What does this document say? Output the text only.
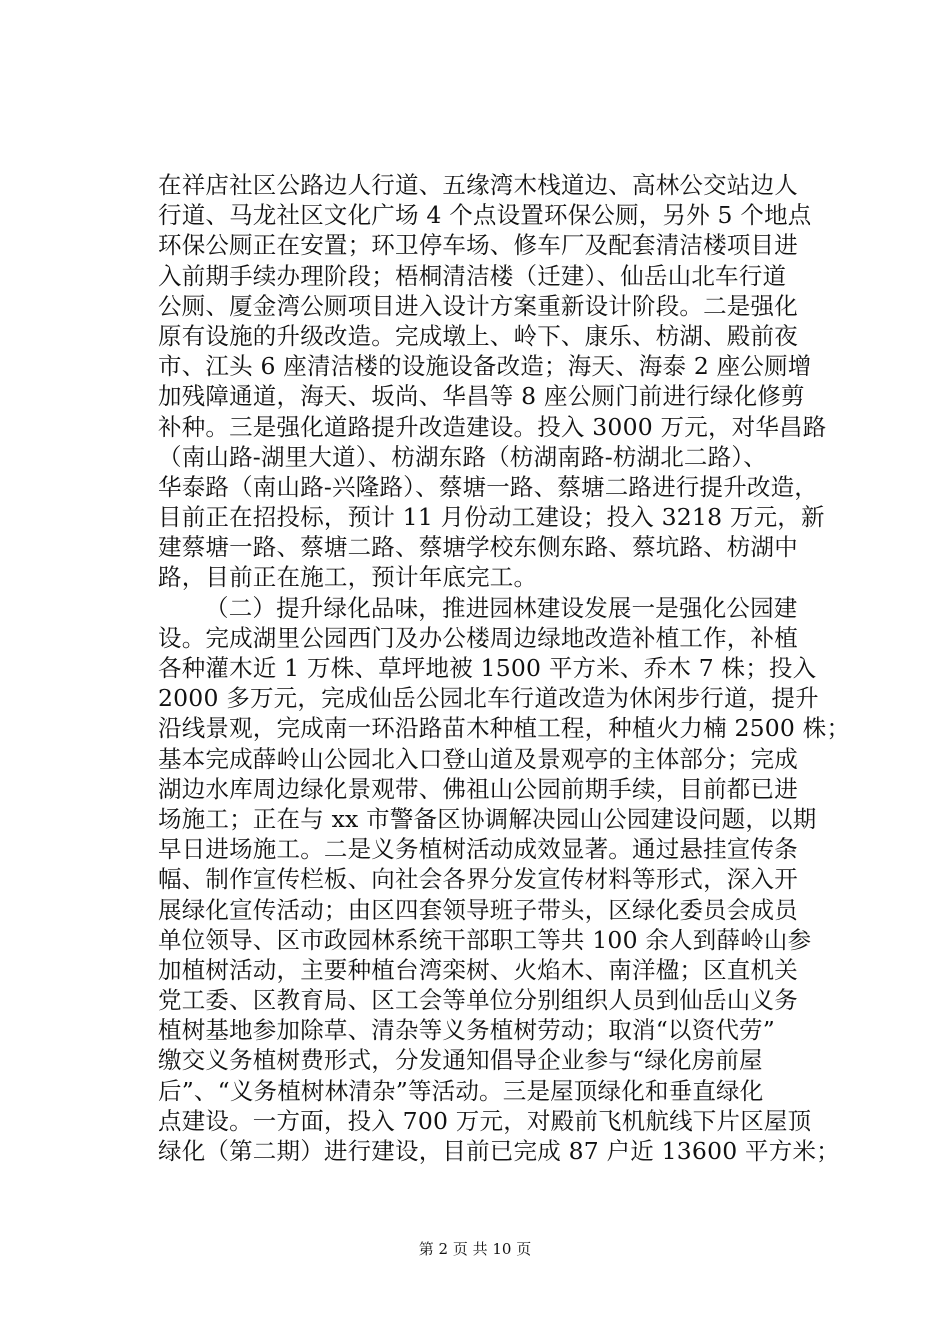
在祥店社区公路边人行道、五缘湾木栈道边、高林公交站边人
行道、马龙社区文化广场 4 个点设置环保公厕，另外 5 个地点
环保公厕正在安置；环卫停车场、修车厂及配套清洁楼项目进
入前期手续办理阶段；梧桐清洁楼（迁建）、仙岳山北车行道
公厕、厦金湾公厕项目进入设计方案重新设计阶段。二是强化
原有设施的升级改造。完成墩上、岭下、康乐、枋湖、殿前夜
市、江头 6 座清洁楼的设施设备改造；海天、海泰 2 座公厕增
加残障通道，海天、坂尚、华昌等 8 座公厕门前进行绿化修剪
补种。三是强化道路提升改造建设。投入 3000 万元，对华昌路
（南山路-湖里大道）、枋湖东路（枋湖南路-枋湖北二路）、
华泰路（南山路-兴隆路）、蔡塘一路、蔡塘二路进行提升改造，
目前正在招投标，预计 11 月份动工建设；投入 3218 万元，新
建蔡塘一路、蔡塘二路、蔡塘学校东侧东路、蔡坑路、枋湖中
路，目前正在施工，预计年底完工。
（二）提升绿化品味，推进园林建设发展一是强化公园建
设。完成湖里公园西门及办公楼周边绿地改造补植工作，补植
各种灌木近 1 万株、草坪地被 1500 平方米、乔木 7 株；投入
2000 多万元，完成仙岳公园北车行道改造为休闲步行道，提升
沿线景观，完成南一环沿路苗木种植工程，种植火力楠 2500 株；
基本完成薛岭山公园北入口登山道及景观亭的主体部分；完成
湖边水库周边绿化景观带、佛祖山公园前期手续，目前都已进
场施工；正在与 xx 市警备区协调解决园山公园建设问题，以期
早日进场施工。二是义务植树活动成效显著。通过悬挂宣传条
幅、制作宣传栏板、向社会各界分发宣传材料等形式，深入开
展绿化宣传活动；由区四套领导班子带头，区绿化委员会成员
单位领导、区市政园林系统干部职工等共 100 余人到薛岭山参
加植树活动，主要种植台湾栾树、火焰木、南洋楹；区直机关
党工委、区教育局、区工会等单位分别组织人员到仙岳山义务
植树基地参加除草、清杂等义务植树劳动；取消“以资代劳”
缴交义务植树费形式，分发通知倡导企业参与“绿化房前屋
后”、“义务植树林清杂”等活动。三是屋顶绿化和垂直绿化
点建设。一方面，投入 700 万元，对殿前飞机航线下片区屋顶
绿化（第二期）进行建设，目前已完成 87 户近 13600 平方米；
第 2 页 共 10 页
